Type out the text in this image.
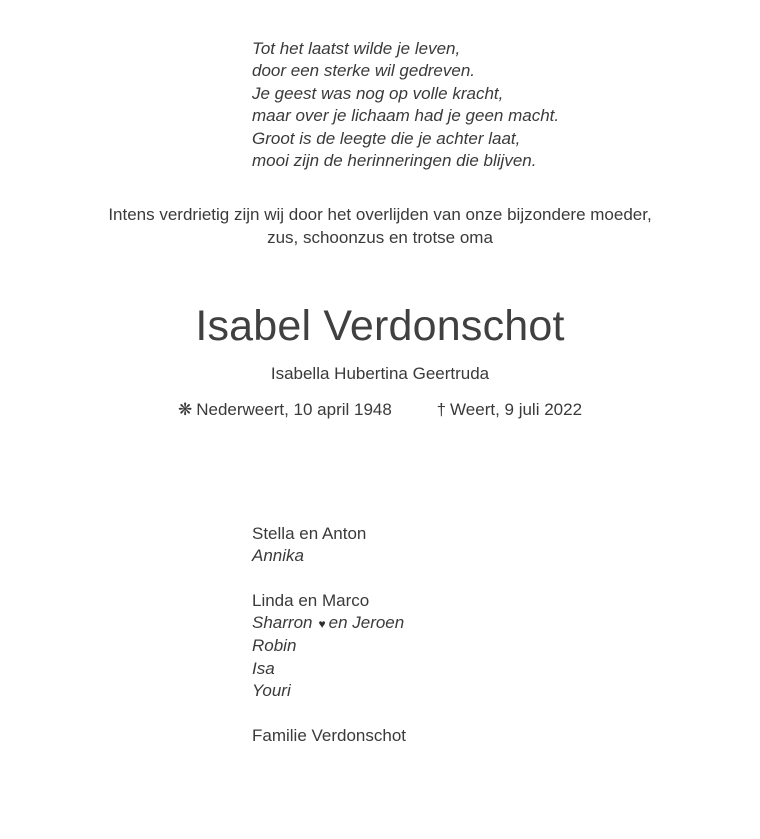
Tot het laatst wilde je leven,
door een sterke wil gedreven.
Je geest was nog op volle kracht,
maar over je lichaam had je geen macht.
Groot is de leegte die je achter laat,
mooi zijn de herinneringen die blijven.
Intens verdrietig zijn wij door het overlijden van onze bijzondere moeder,
zus, schoonzus en trotse oma
Isabel Verdonschot
Isabella Hubertina Geertruda
❋ Nederweert, 10 april 1948	† Weert, 9 juli 2022
Stella en Anton
Annika
Linda en Marco
Sharron ♥ en Jeroen
Robin
Isa
Youri
Familie Verdonschot
